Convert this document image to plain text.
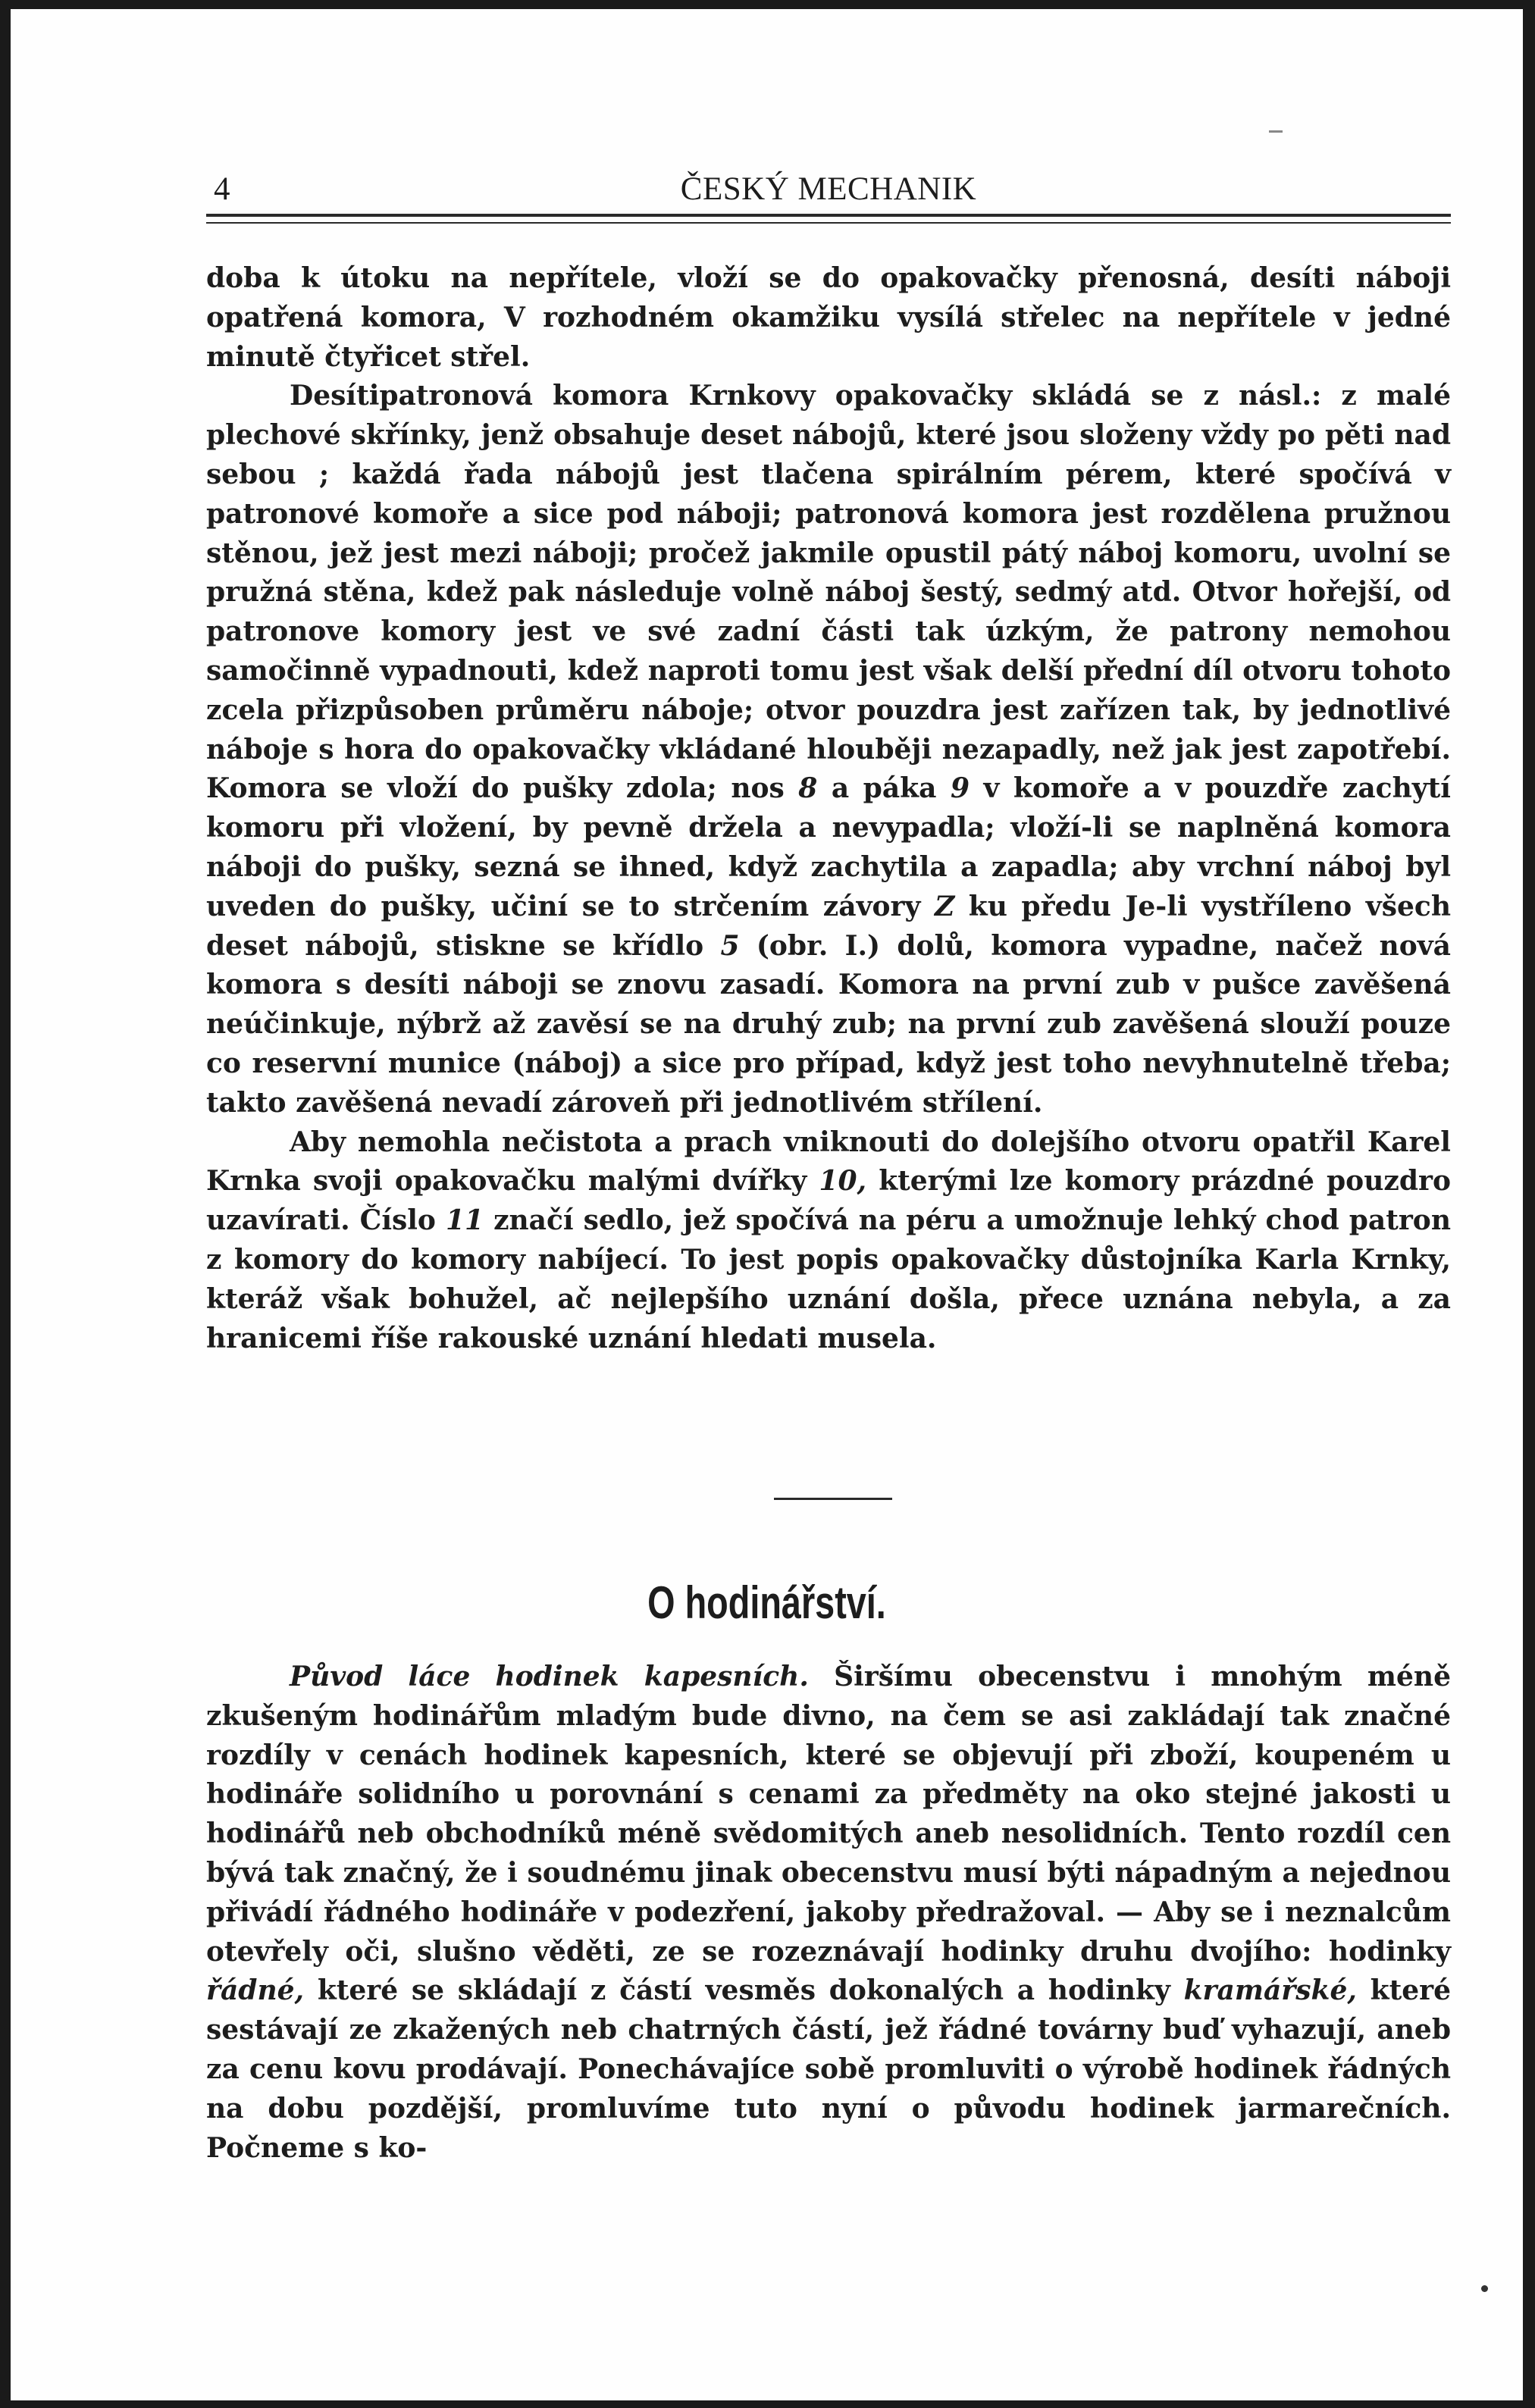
4	ČESKÝ MECHANIK

doba k útoku na nepřítele, vloží se do opakovačky přenosná, desíti náboji opatřená komora, V rozhodném okamžiku vysílá střelec na nepřítele v jedné minutě čtyřicet střel.

Desítipatronová komora Krnkovy opakovačky skládá se z násl.: z malé plechové skřínky, jenž obsahuje deset nábojů, které jsou složeny vždy po pěti nad sebou ; každá řada nábojů jest tlačena spirálním pérem, které spočívá v patronové komoře a sice pod náboji; patronová komora jest rozdělena pružnou stěnou, jež jest mezi náboji; pročež jakmile opustil pátý náboj komoru, uvolní se pružná stěna, kdež pak následuje volně náboj šestý, sedmý atd. Otvor hořejší, od patronove komory jest ve své zadní části tak úzkým, že patrony nemohou samočinně vypadnouti, kdež naproti tomu jest však delší přední díl otvoru tohoto zcela přizpůsoben průměru náboje; otvor pouzdra jest zařízen tak, by jednotlivé náboje s hora do opakovačky vkládané hlouběji nezapadly, než jak jest zapotřebí. Komora se vloží do pušky zdola; nos 8 a páka 9 v komoře a v pouzdře zachytí komoru při vložení, by pevně držela a nevypadla; vloží-li se naplněná komora náboji do pušky, sezná se ihned, když zachytila a zapadla; aby vrchní náboj byl uveden do pušky, učiní se to strčením závory Z ku předu Je-li vystříleno všech deset nábojů, stiskne se křídlo 5 (obr. I.) dolů, komora vypadne, načež nová komora s desíti náboji se znovu zasadí. Komora na první zub v pušce zavěšená neúčinkuje, nýbrž až zavěsí se na druhý zub; na první zub zavěšená slouží pouze co reservní munice (náboj) a sice pro případ, když jest toho nevyhnutelně třeba; takto zavěšená nevadí zároveň při jednotlivém střílení.

Aby nemohla nečistota a prach vniknouti do dolejšího otvoru opatřil Karel Krnka svoji opakovačku malými dvířky 10, kterými lze komory prázdné pouzdro uzavírati. Číslo 11 značí sedlo, jež spočívá na péru a umožnuje lehký chod patron z komory do komory nabíjecí. To jest popis opakovačky důstojníka Karla Krnky, kteráž však bohužel, ač nejlepšího uznání došla, přece uznána nebyla, a za hranicemi říše rakouské uznání hledati musela.

O hodinářství.

Původ láce hodinek kapesních. Širšímu obecenstvu i mnohým méně zkušeným hodinářům mladým bude divno, na čem se asi zakládají tak značné rozdíly v cenách hodinek kapesních, které se objevují při zboží, koupeném u hodináře solidního u porovnání s cenami za předměty na oko stejné jakosti u hodinářů neb obchodníků méně svědomitých aneb nesolidních. Tento rozdíl cen bývá tak značný, že i soudnému jinak obecenstvu musí býti nápadným a nejednou přivádí řádného hodináře v podezření, jakoby předražoval. — Aby se i neznalcům otevřely oči, slušno věděti, ze se rozeznávají hodinky druhu dvojího: hodinky řádné, které se skládají z částí vesměs dokonalých a hodinky kramářské, které sestávají ze zkažených neb chatrných částí, jež řádné továrny buď vyhazují, aneb za cenu kovu prodávají. Ponechávajíce sobě promluviti o výrobě hodinek řádných na dobu pozdější, promluvíme tuto nyní o původu hodinek jarmarečních. Počneme s ko-
